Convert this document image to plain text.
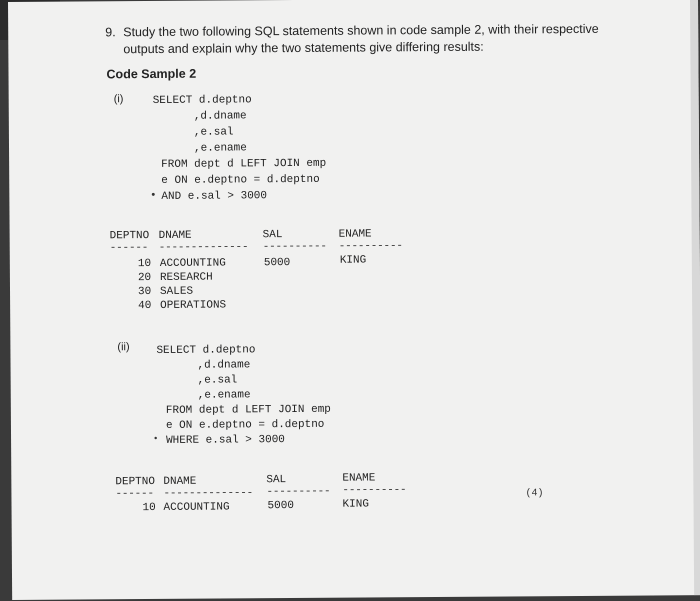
9. Study the two following SQL statements shown in code sample 2, with their respective
outputs and explain why the two statements give differing results:
Code Sample 2
(i)	SELECT d.deptno
,d.dname
,e.sal
,e.ename
FROM dept d LEFT JOIN emp
e ON e.deptno = d.deptno
• AND e.sal > 3000
DEPTNO DNAME	SAL	ENAME
------ -------------- ---------- ----------
10 ACCOUNTING	5000	KING
20 RESEARCH
30 SALES
40 OPERATIONS
(ii) SELECT d.deptno
,d.dname
,e.sal
,e.ename
FROM dept d LEFT JOIN emp
e ON e.deptno = d.deptno
• WHERE e.sal > 3000
DEPTNO DNAME	SAL	ENAME
------ -------------- ---------- ----------
10 ACCOUNTING	5000	KING
(4)
